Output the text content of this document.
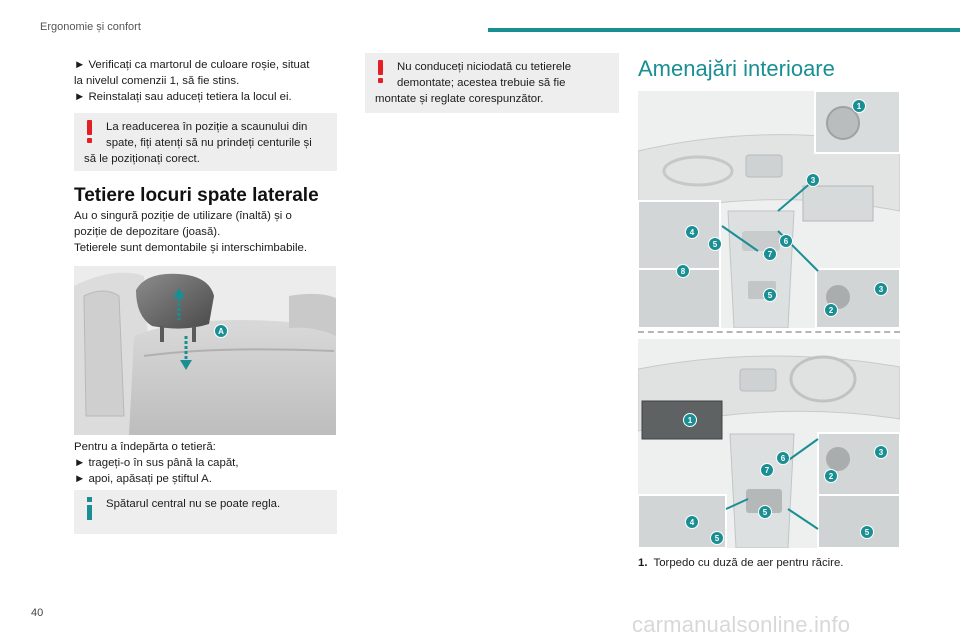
Ergonomie și confort
► Verificați ca martorul de culoare roșie, situat
la nivelul comenzii 1, să fie stins.
► Reinstalați sau aduceți tetiera la locul ei.
La readucerea în poziție a scaunului din spate, fiți atenți să nu prindeți centurile și să le poziționați corect.
Tetiere locuri spate laterale
Au o singură poziție de utilizare (înaltă) și o
poziție de depozitare (joasă).
Tetierele sunt demontabile și interschimbabile.
A
Pentru a îndepărta o tetieră:
► trageți-o în sus până la capăt,
► apoi, apăsați pe știftul A.
Spătarul central nu se poate regla.
Nu conduceți niciodată cu tetierele demontate; acestea trebuie să fie montate și reglate corespunzător.
Amenajări interioare
1
3
4
5	6
7
8
5
3
2
1
6
7
3
2
5
4
5
5
1. Torpedo cu duză de aer pentru răcire.
40	carmanualsonline.info
